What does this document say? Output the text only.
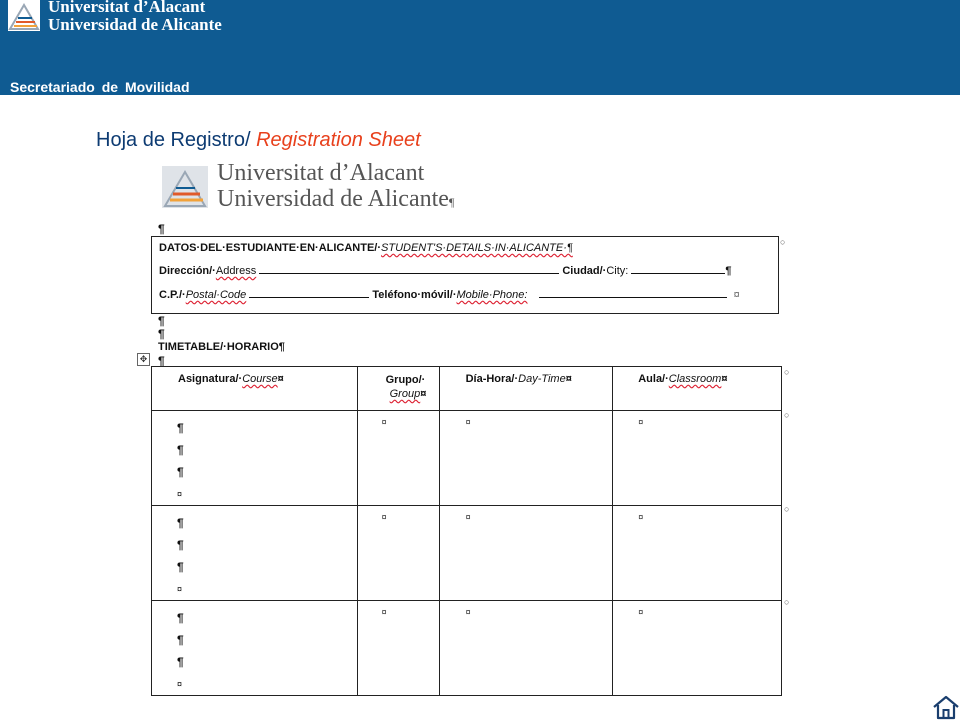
Universitat d’Alacant
Universidad de Alicante
Secretariado de Movilidad
Hoja de Registro/ Registration Sheet
Universitat d’Alacant
Universidad de Alicante¶
¶
DATOS·DEL·ESTUDIANTE·EN·ALICANTE/·STUDENT'S·DETAILS·IN·ALICANTE·¶
Dirección/·Address	Ciudad/·City:	¶
C.P./·Postal·Code	Teléfono·móvil/·Mobile·Phone:	¤
○
¶
¶
TIMETABLE/·HORARIO¶
✥ ¶
Asignatura/·Course¤	Grupo/·
Group¤	Día-Hora/·Day-Time¤	Aula/·Classroom¤

¶
¶
¶
¤	¤	¤	¤

¶
¶
¶
¤	¤	¤	¤

¶
¶
¶
¤	¤	¤	¤
○
○
○
○
